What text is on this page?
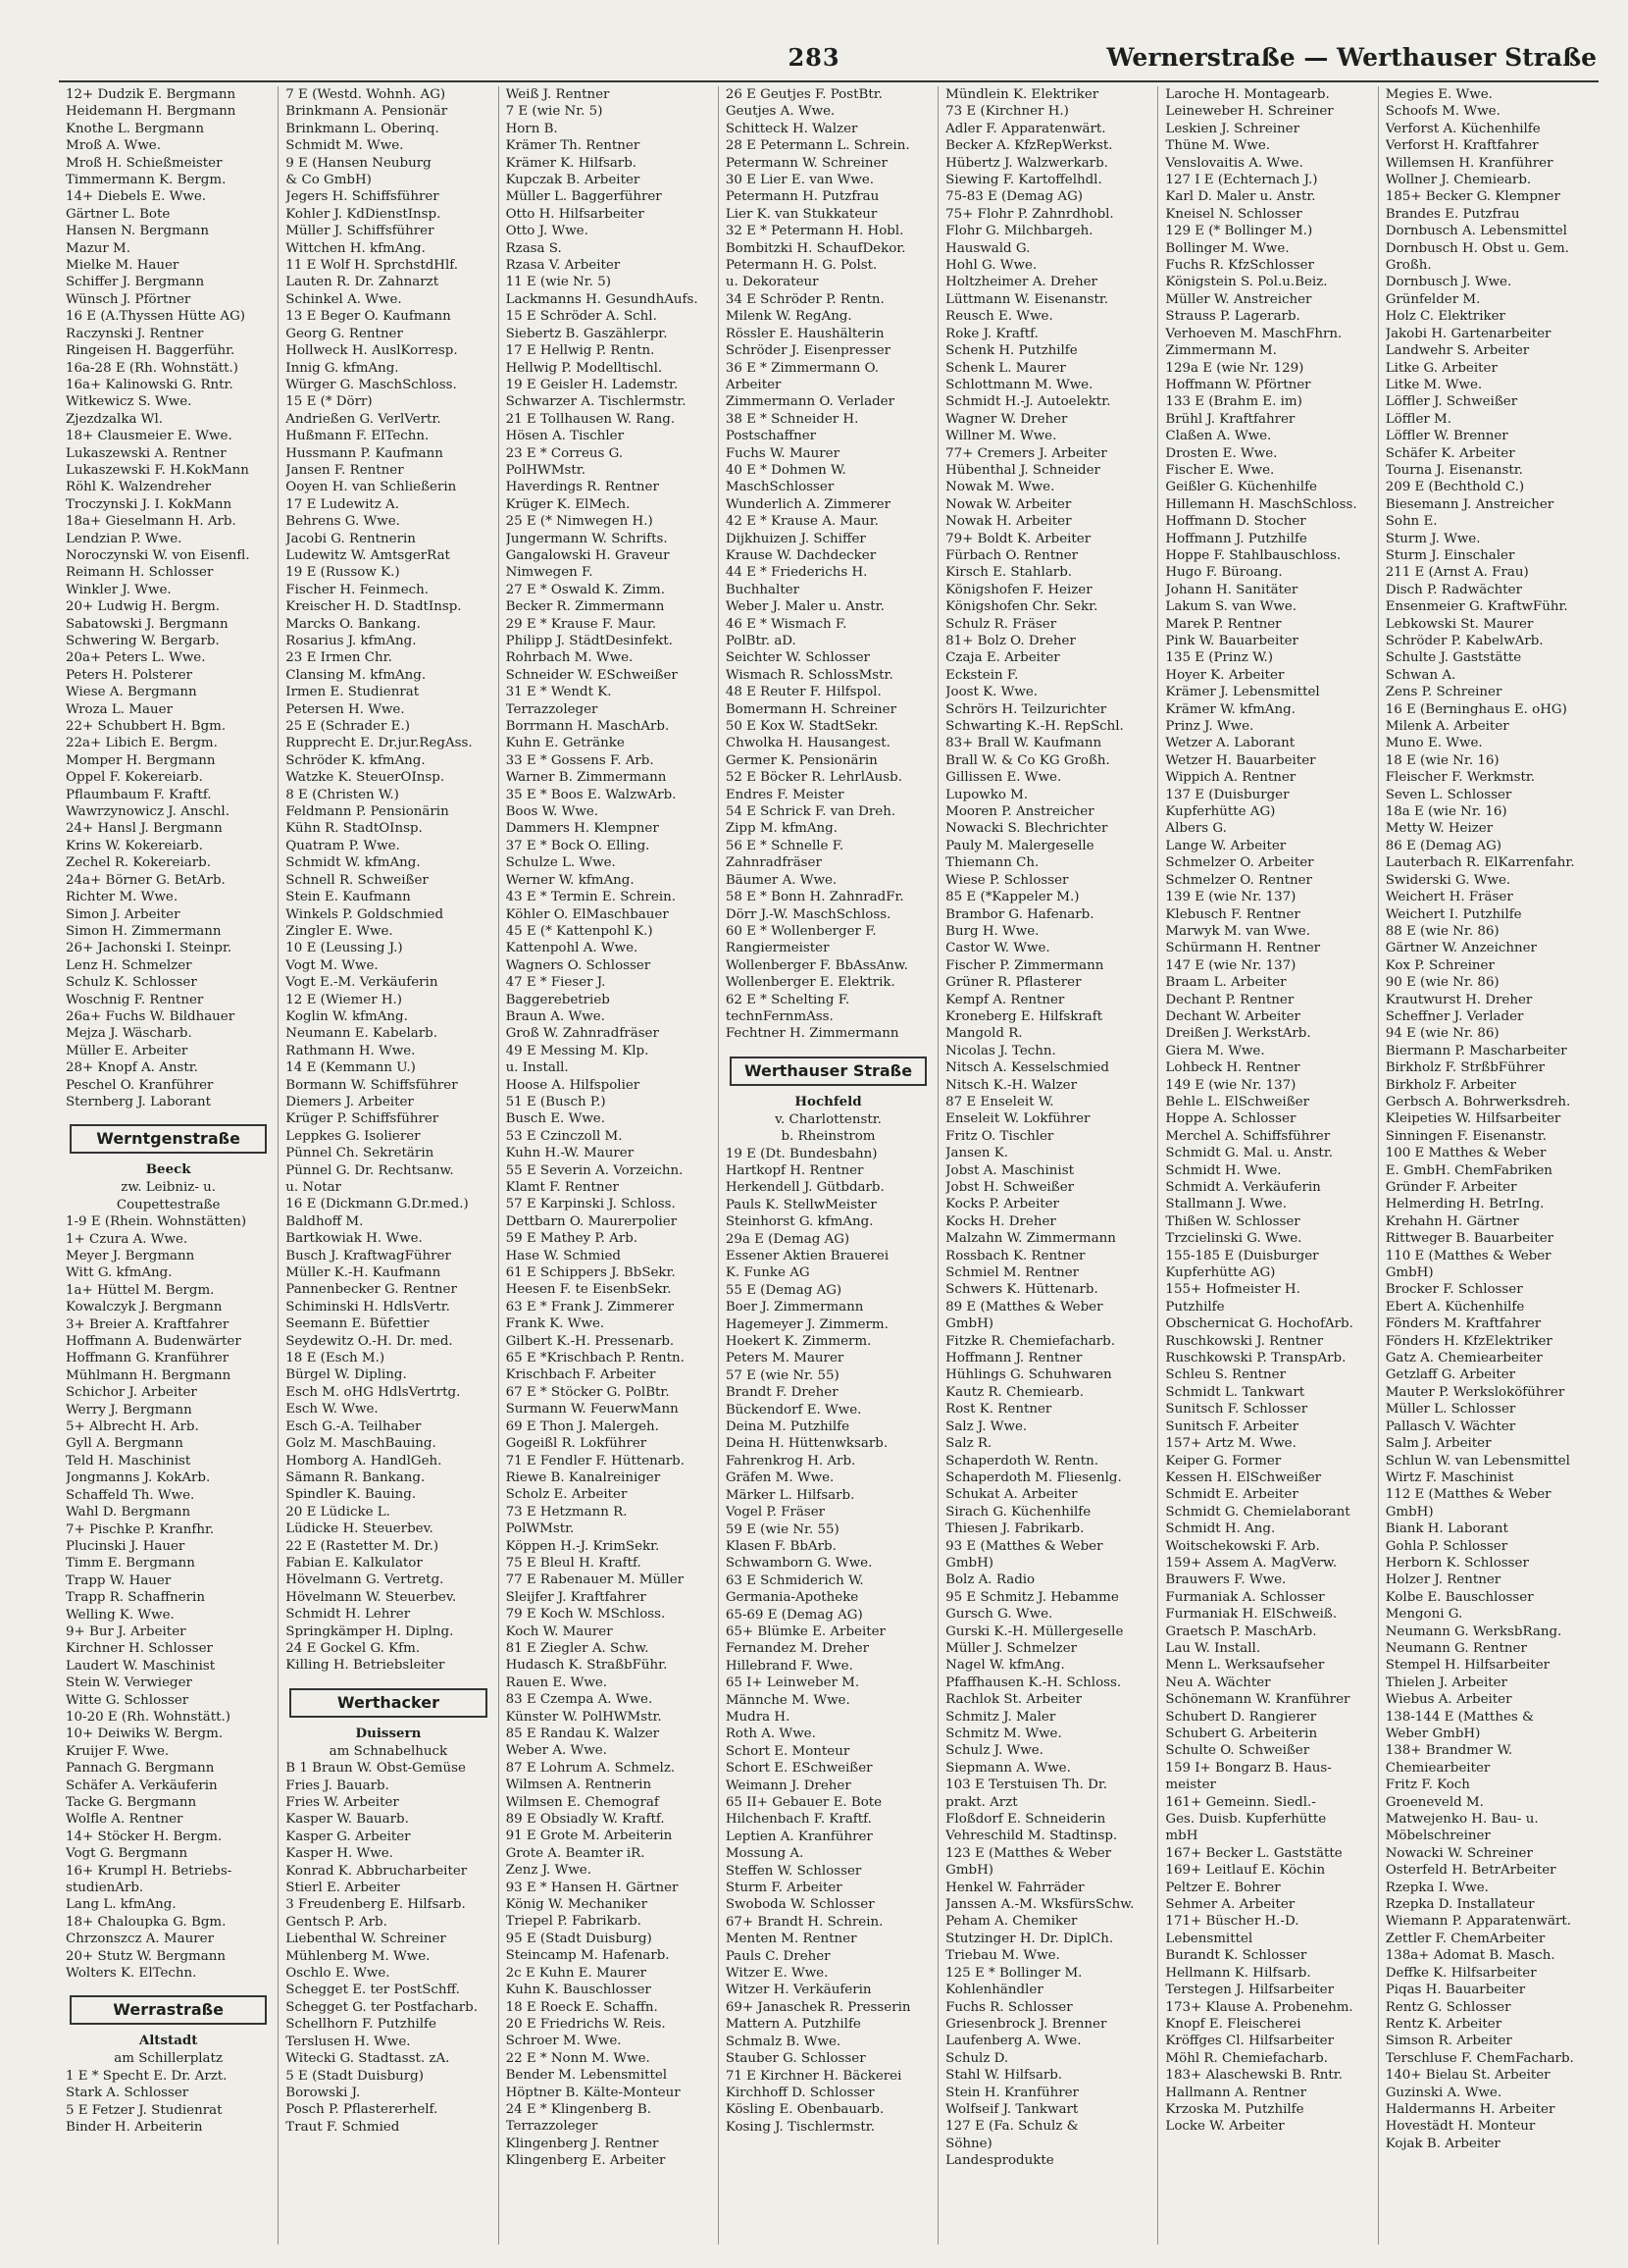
283	Wernerstraße — Werthauser Straße
12+ Dudzik E. Bergmann
Heidemann H. Bergmann
Knothe L. Bergmann
Mroß A. Wwe.
Mroß H. Schießmeister
Timmermann K. Bergm.
14+ Diebels E. Wwe.
Gärtner L. Bote
Hansen N. Bergmann
Mazur M.
Mielke M. Hauer
Schiffer J. Bergmann
Wünsch J. Pförtner
16 E (A.Thyssen Hütte AG)
Raczynski J. Rentner
Ringeisen H. Baggerführ.
16a-28 E (Rh. Wohnstätt.)
16a+ Kalinowski G. Rntr.
Witkewicz S. Wwe.
Zjezdzalka Wl.
18+ Clausmeier E. Wwe.
Lukaszewski A. Rentner
Lukaszewski F. H.KokMann
Röhl K. Walzendreher
Troczynski J. I. KokMann
18a+ Gieselmann H. Arb.
Lendzian P. Wwe.
Noroczynski W. von Eisenfl.
Reimann H. Schlosser
Winkler J. Wwe.
20+ Ludwig H. Bergm.
Sabatowski J. Bergmann
Schwering W. Bergarb.
20a+ Peters L. Wwe.
Peters H. Polsterer
Wiese A. Bergmann
Wroza L. Mauer
22+ Schubbert H. Bgm.
22a+ Libich E. Bergm.
Momper H. Bergmann
Oppel F. Kokereiarb.
Pflaumbaum F. Kraftf.
Wawrzynowicz J. Anschl.
24+ Hansl J. Bergmann
Krins W. Kokereiarb.
Zechel R. Kokereiarb.
24a+ Börner G. BetArb.
Richter M. Wwe.
Simon J. Arbeiter
Simon H. Zimmermann
26+ Jachonski I. Steinpr.
Lenz H. Schmelzer
Schulz K. Schlosser
Woschnig F. Rentner
26a+ Fuchs W. Bildhauer
Mejza J. Wäscharb.
Müller E. Arbeiter
28+ Knopf A. Anstr.
Peschel O. Kranführer
Sternberg J. Laborant
Werntgenstraße
Beeck
zw. Leibniz- u.
Coupettestraße
1-9 E (Rhein. Wohnstätten)
1+ Czura A. Wwe.
Meyer J. Bergmann
Witt G. kfmAng.
1a+ Hüttel M. Bergm.
Kowalczyk J. Bergmann
3+ Breier A. Kraftfahrer
Hoffmann A. Budenwärter
Hoffmann G. Kranführer
Mühlmann H. Bergmann
Schichor J. Arbeiter
Werry J. Bergmann
5+ Albrecht H. Arb.
Gyll A. Bergmann
Teld H. Maschinist
Jongmanns J. KokArb.
Schaffeld Th. Wwe.
Wahl D. Bergmann
7+ Pischke P. Kranfhr.
Plucinski J. Hauer
Timm E. Bergmann
Trapp W. Hauer
Trapp R. Schaffnerin
Welling K. Wwe.
9+ Bur J. Arbeiter
Kirchner H. Schlosser
Laudert W. Maschinist
Stein W. Verwieger
Witte G. Schlosser
10-20 E (Rh. Wohnstätt.)
10+ Deiwiks W. Bergm.
Kruijer F. Wwe.
Pannach G. Bergmann
Schäfer A. Verkäuferin
Tacke G. Bergmann
Wolfle A. Rentner
14+ Stöcker H. Bergm.
Vogt G. Bergmann
16+ Krumpl H. Betriebs-
studienArb.
Lang L. kfmAng.
18+ Chaloupka G. Bgm.
Chrzonszcz A. Maurer
20+ Stutz W. Bergmann
Wolters K. ElTechn.
Werrastraße
Altstadt
am Schillerplatz
1 E * Specht E. Dr. Arzt.
Stark A. Schlosser
5 E Fetzer J. Studienrat
Binder H. Arbeiterin
7 E (Westd. Wohnh. AG)
Brinkmann A. Pensionär
Brinkmann L. Oberinq.
Schmidt M. Wwe.
9 E (Hansen Neuburg
& Co GmbH)
Jegers H. Schiffsführer
Kohler J. KdDienstInsp.
Müller J. Schiffsführer
Wittchen H. kfmAng.
11 E Wolf H. SprchstdHlf.
Lauten R. Dr. Zahnarzt
Schinkel A. Wwe.
13 E Beger O. Kaufmann
Georg G. Rentner
Hollweck H. AuslKorresp.
Innig G. kfmAng.
Würger G. MaschSchloss.
15 E (* Dörr)
Andrießen G. VerlVertr.
Hußmann F. ElTechn.
Hussmann P. Kaufmann
Jansen F. Rentner
Ooyen H. van Schließerin
17 E Ludewitz A.
Behrens G. Wwe.
Jacobi G. Rentnerin
Ludewitz W. AmtsgerRat
19 E (Russow K.)
Fischer H. Feinmech.
Kreischer H. D. StadtInsp.
Marcks O. Bankang.
Rosarius J. kfmAng.
23 E Irmen Chr.
Clansing M. kfmAng.
Irmen E. Studienrat
Petersen H. Wwe.
25 E (Schrader E.)
Rupprecht E. Dr.jur.RegAss.
Schröder K. kfmAng.
Watzke K. SteuerOInsp.
8 E (Christen W.)
Feldmann P. Pensionärin
Kühn R. StadtOInsp.
Quatram P. Wwe.
Schmidt W. kfmAng.
Schnell R. Schweißer
Stein E. Kaufmann
Winkels P. Goldschmied
Zingler E. Wwe.
10 E (Leussing J.)
Vogt M. Wwe.
Vogt E.-M. Verkäuferin
12 E (Wiemer H.)
Koglin W. kfmAng.
Neumann E. Kabelarb.
Rathmann H. Wwe.
14 E (Kemmann U.)
Bormann W. Schiffsführer
Diemers J. Arbeiter
Krüger P. Schiffsführer
Leppkes G. Isolierer
Pünnel Ch. Sekretärin
Pünnel G. Dr. Rechtsanw.
u. Notar
16 E (Dickmann G.Dr.med.)
Baldhoff M.
Bartkowiak H. Wwe.
Busch J. KraftwagFührer
Müller K.-H. Kaufmann
Pannenbecker G. Rentner
Schiminski H. HdlsVertr.
Seemann E. Büfettier
Seydewitz O.-H. Dr. med.
18 E (Esch M.)
Bürgel W. Dipling.
Esch M. oHG HdlsVertrtg.
Esch W. Wwe.
Esch G.-A. Teilhaber
Golz M. MaschBauing.
Homborg A. HandlGeh.
Sämann R. Bankang.
Spindler K. Bauing.
20 E Lüdicke L.
Lüdicke H. Steuerbev.
22 E (Rastetter M. Dr.)
Fabian E. Kalkulator
Hövelmann G. Vertretg.
Hövelmann W. Steuerbev.
Schmidt H. Lehrer
Springkämper H. Diplng.
24 E Gockel G. Kfm.
Killing H. Betriebsleiter
Werthacker
Duissern
am Schnabelhuck
B 1 Braun W. Obst-Gemüse
Fries J. Bauarb.
Fries W. Arbeiter
Kasper W. Bauarb.
Kasper G. Arbeiter
Kasper H. Wwe.
Konrad K. Abbrucharbeiter
Stierl E. Arbeiter
3 Freudenberg E. Hilfsarb.
Gentsch P. Arb.
Liebenthal W. Schreiner
Mühlenberg M. Wwe.
Oschlo E. Wwe.
Schegget E. ter PostSchff.
Schegget G. ter Postfacharb.
Schellhorn F. Putzhilfe
Terslusen H. Wwe.
Witecki G. Stadtasst. zA.
5 E (Stadt Duisburg)
Borowski J.
Posch P. Pflastererhelf.
Traut F. Schmied
Weiß J. Rentner
7 E (wie Nr. 5)
Horn B.
Krämer Th. Rentner
Krämer K. Hilfsarb.
Kupczak B. Arbeiter
Müller L. Baggerführer
Otto H. Hilfsarbeiter
Otto J. Wwe.
Rzasa S.
Rzasa V. Arbeiter
11 E (wie Nr. 5)
Lackmanns H. GesundhAufs.
15 E Schröder A. Schl.
Siebertz B. Gaszählerpr.
17 E Hellwig P. Rentn.
Hellwig P. Modelltischl.
19 E Geisler H. Lademstr.
Schwarzer A. Tischlermstr.
21 E Tollhausen W. Rang.
Hösen A. Tischler
23 E * Correus G.
PolHWMstr.
Haverdings R. Rentner
Krüger K. ElMech.
25 E (* Nimwegen H.)
Jungermann W. Schrifts.
Gangalowski H. Graveur
Nimwegen F.
27 E * Oswald K. Zimm.
Becker R. Zimmermann
29 E * Krause F. Maur.
Philipp J. StädtDesinfekt.
Rohrbach M. Wwe.
Schneider W. ESchweißer
31 E * Wendt K.
Terrazzoleger
Borrmann H. MaschArb.
Kuhn E. Getränke
33 E * Gossens F. Arb.
Warner B. Zimmermann
35 E * Boos E. WalzwArb.
Boos W. Wwe.
Dammers H. Klempner
37 E * Bock O. Elling.
Schulze L. Wwe.
Werner W. kfmAng.
43 E * Termin E. Schrein.
Köhler O. ElMaschbauer
45 E (* Kattenpohl K.)
Kattenpohl A. Wwe.
Wagners O. Schlosser
47 E * Fieser J.
Baggerebetrieb
Braun A. Wwe.
Groß W. Zahnradfräser
49 E Messing M. Klp.
u. Install.
Hoose A. Hilfspolier
51 E (Busch P.)
Busch E. Wwe.
53 E Czinczoll M.
Kuhn H.-W. Maurer
55 E Severin A. Vorzeichn.
Klamt F. Rentner
57 E Karpinski J. Schloss.
Dettbarn O. Maurerpolier
59 E Mathey P. Arb.
Hase W. Schmied
61 E Schippers J. BbSekr.
Heesen F. te EisenbSekr.
63 E * Frank J. Zimmerer
Frank K. Wwe.
Gilbert K.-H. Pressenarb.
65 E *Krischbach P. Rentn.
Krischbach F. Arbeiter
67 E * Stöcker G. PolBtr.
Surmann W. FeuerwMann
69 E Thon J. Malergeh.
Gogeißl R. Lokführer
71 E Fendler F. Hüttenarb.
Riewe B. Kanalreiniger
Scholz E. Arbeiter
73 E Hetzmann R.
PolWMstr.
Köppen H.-J. KrimSekr.
75 E Bleul H. Kraftf.
77 E Rabenauer M. Müller
Sleijfer J. Kraftfahrer
79 E Koch W. MSchloss.
Koch W. Maurer
81 E Ziegler A. Schw.
Hudasch K. StraßbFühr.
Rauen E. Wwe.
83 E Czempa A. Wwe.
Künster W. PolHWMstr.
85 E Randau K. Walzer
Weber A. Wwe.
87 E Lohrum A. Schmelz.
Wilmsen A. Rentnerin
Wilmsen E. Chemograf
89 E Obsiadly W. Kraftf.
91 E Grote M. Arbeiterin
Grote A. Beamter iR.
Zenz J. Wwe.
93 E * Hansen H. Gärtner
König W. Mechaniker
Triepel P. Fabrikarb.
95 E (Stadt Duisburg)
Steincamp M. Hafenarb.
2c E Kuhn E. Maurer
Kuhn K. Bauschlosser
18 E Roeck E. Schaffn.
20 E Friedrichs W. Reis.
Schroer M. Wwe.
22 E * Nonn M. Wwe.
Bender M. Lebensmittel
Höptner B. Kälte-Monteur
24 E * Klingenberg B.
Terrazzoleger
Klingenberg J. Rentner
Klingenberg E. Arbeiter
26 E Geutjes F. PostBtr.
Geutjes A. Wwe.
Schitteck H. Walzer
28 E Petermann L. Schrein.
Petermann W. Schreiner
30 E Lier E. van Wwe.
Petermann H. Putzfrau
Lier K. van Stukkateur
32 E * Petermann H. Hobl.
Bombitzki H. SchaufDekor.
Petermann H. G. Polst.
u. Dekorateur
34 E Schröder P. Rentn.
Milenk W. RegAng.
Rössler E. Haushälterin
Schröder J. Eisenpresser
36 E * Zimmermann O.
Arbeiter
Zimmermann O. Verlader
38 E * Schneider H.
Postschaffner
Fuchs W. Maurer
40 E * Dohmen W.
MaschSchlosser
Wunderlich A. Zimmerer
42 E * Krause A. Maur.
Dijkhuizen J. Schiffer
Krause W. Dachdecker
44 E * Friederichs H.
Buchhalter
Weber J. Maler u. Anstr.
46 E * Wismach F.
PolBtr. aD.
Seichter W. Schlosser
Wismach R. SchlossMstr.
48 E Reuter F. Hilfspol.
Bomermann H. Schreiner
50 E Kox W. StadtSekr.
Chwolka H. Hausangest.
Germer K. Pensionärin
52 E Böcker R. LehrlAusb.
Endres F. Meister
54 E Schrick F. van Dreh.
Zipp M. kfmAng.
56 E * Schnelle F.
Zahnradfräser
Bäumer A. Wwe.
58 E * Bonn H. ZahnradFr.
Dörr J.-W. MaschSchloss.
60 E * Wollenberger F.
Rangiermeister
Wollenberger F. BbAssAnw.
Wollenberger E. Elektrik.
62 E * Schelting F.
technFernmAss.
Fechtner H. Zimmermann
Werthauser Straße
Hochfeld
v. Charlottenstr.
b. Rheinstrom
19 E (Dt. Bundesbahn)
Hartkopf H. Rentner
Herkendell J. Gütbdarb.
Pauls K. StellwMeister
Steinhorst G. kfmAng.
29a E (Demag AG)
Essener Aktien Brauerei
K. Funke AG
55 E (Demag AG)
Boer J. Zimmermann
Hagemeyer J. Zimmerm.
Hoekert K. Zimmerm.
Peters M. Maurer
57 E (wie Nr. 55)
Brandt F. Dreher
Bückendorf E. Wwe.
Deina M. Putzhilfe
Deina H. Hüttenwksarb.
Fahrenkrog H. Arb.
Gräfen M. Wwe.
Märker L. Hilfsarb.
Vogel P. Fräser
59 E (wie Nr. 55)
Klasen F. BbArb.
Schwamborn G. Wwe.
63 E Schmiderich W.
Germania-Apotheke
65-69 E (Demag AG)
65+ Blümke E. Arbeiter
Fernandez M. Dreher
Hillebrand F. Wwe.
65 I+ Leinweber M.
Männche M. Wwe.
Mudra H.
Roth A. Wwe.
Schort E. Monteur
Schort E. ESchweißer
Weimann J. Dreher
65 II+ Gebauer E. Bote
Hilchenbach F. Kraftf.
Leptien A. Kranführer
Mossung A.
Steffen W. Schlosser
Sturm F. Arbeiter
Swoboda W. Schlosser
67+ Brandt H. Schrein.
Menten M. Rentner
Pauls C. Dreher
Witzer E. Wwe.
Witzer H. Verkäuferin
69+ Janaschek R. Presserin
Mattern A. Putzhilfe
Schmalz B. Wwe.
Stauber G. Schlosser
71 E Kirchner H. Bäckerei
Kirchhoff D. Schlosser
Kösling E. Obenbauarb.
Kosing J. Tischlermstr.
Mündlein K. Elektriker
73 E (Kirchner H.)
Adler F. Apparatenwärt.
Becker A. KfzRepWerkst.
Hübertz J. Walzwerkarb.
Siewing F. Kartoffelhdl.
75-83 E (Demag AG)
75+ Flohr P. Zahnrdhobl.
Flohr G. Milchbargeh.
Hauswald G.
Hohl G. Wwe.
Holtzheimer A. Dreher
Lüttmann W. Eisenanstr.
Reusch E. Wwe.
Roke J. Kraftf.
Schenk H. Putzhilfe
Schenk L. Maurer
Schlottmann M. Wwe.
Schmidt H.-J. Autoelektr.
Wagner W. Dreher
Willner M. Wwe.
77+ Cremers J. Arbeiter
Hübenthal J. Schneider
Nowak M. Wwe.
Nowak W. Arbeiter
Nowak H. Arbeiter
79+ Boldt K. Arbeiter
Fürbach O. Rentner
Kirsch E. Stahlarb.
Königshofen F. Heizer
Königshofen Chr. Sekr.
Schulz R. Fräser
81+ Bolz O. Dreher
Czaja E. Arbeiter
Eckstein F.
Joost K. Wwe.
Schrörs H. Teilzurichter
Schwarting K.-H. RepSchl.
83+ Brall W. Kaufmann
Brall W. & Co KG Großh.
Gillissen E. Wwe.
Lupowko M.
Mooren P. Anstreicher
Nowacki S. Blechrichter
Pauly M. Malergeselle
Thiemann Ch.
Wiese P. Schlosser
85 E (*Kappeler M.)
Brambor G. Hafenarb.
Burg H. Wwe.
Castor W. Wwe.
Fischer P. Zimmermann
Grüner R. Pflasterer
Kempf A. Rentner
Kroneberg E. Hilfskraft
Mangold R.
Nicolas J. Techn.
Nitsch A. Kesselschmied
Nitsch K.-H. Walzer
87 E Enseleit W.
Enseleit W. Lokführer
Fritz O. Tischler
Jansen K.
Jobst A. Maschinist
Jobst H. Schweißer
Kocks P. Arbeiter
Kocks H. Dreher
Malzahn W. Zimmermann
Rossbach K. Rentner
Schmiel M. Rentner
Schwers K. Hüttenarb.
89 E (Matthes & Weber
GmbH)
Fitzke R. Chemiefacharb.
Hoffmann J. Rentner
Hühlings G. Schuhwaren
Kautz R. Chemiearb.
Rost K. Rentner
Salz J. Wwe.
Salz R.
Schaperdoth W. Rentn.
Schaperdoth M. Fliesenlg.
Schukat A. Arbeiter
Sirach G. Küchenhilfe
Thiesen J. Fabrikarb.
93 E (Matthes & Weber
GmbH)
Bolz A. Radio
95 E Schmitz J. Hebamme
Gursch G. Wwe.
Gurski K.-H. Müllergeselle
Müller J. Schmelzer
Nagel W. kfmAng.
Pfaffhausen K.-H. Schloss.
Rachlok St. Arbeiter
Schmitz J. Maler
Schmitz M. Wwe.
Schulz J. Wwe.
Siepmann A. Wwe.
103 E Terstuisen Th. Dr.
prakt. Arzt
Floßdorf E. Schneiderin
Vehreschild M. Stadtinsp.
123 E (Matthes & Weber
GmbH)
Henkel W. Fahrräder
Janssen A.-M. WksfürsSchw.
Peham A. Chemiker
Stutzinger H. Dr. DiplCh.
Triebau M. Wwe.
125 E * Bollinger M.
Kohlenhändler
Fuchs R. Schlosser
Griesenbrock J. Brenner
Laufenberg A. Wwe.
Schulz D.
Stahl W. Hilfsarb.
Stein H. Kranführer
Wolfseif J. Tankwart
127 E (Fa. Schulz &
Söhne)
Landesprodukte
Laroche H. Montagearb.
Leineweber H. Schreiner
Leskien J. Schreiner
Thüne M. Wwe.
Venslovaitis A. Wwe.
127 I E (Echternach J.)
Karl D. Maler u. Anstr.
Kneisel N. Schlosser
129 E (* Bollinger M.)
Bollinger M. Wwe.
Fuchs R. KfzSchlosser
Königstein S. Pol.u.Beiz.
Müller W. Anstreicher
Strauss P. Lagerarb.
Verhoeven M. MaschFhrn.
Zimmermann M.
129a E (wie Nr. 129)
Hoffmann W. Pförtner
133 E (Brahm E. im)
Brühl J. Kraftfahrer
Claßen A. Wwe.
Drosten E. Wwe.
Fischer E. Wwe.
Geißler G. Küchenhilfe
Hillemann H. MaschSchloss.
Hoffmann D. Stocher
Hoffmann J. Putzhilfe
Hoppe F. Stahlbauschloss.
Hugo F. Büroang.
Johann H. Sanitäter
Lakum S. van Wwe.
Marek P. Rentner
Pink W. Bauarbeiter
135 E (Prinz W.)
Hoyer K. Arbeiter
Krämer J. Lebensmittel
Krämer W. kfmAng.
Prinz J. Wwe.
Wetzer A. Laborant
Wetzer H. Bauarbeiter
Wippich A. Rentner
137 E (Duisburger
Kupferhütte AG)
Albers G.
Lange W. Arbeiter
Schmelzer O. Arbeiter
Schmelzer O. Rentner
139 E (wie Nr. 137)
Klebusch F. Rentner
Marwyk M. van Wwe.
Schürmann H. Rentner
147 E (wie Nr. 137)
Braam L. Arbeiter
Dechant P. Rentner
Dechant W. Arbeiter
Dreißen J. WerkstArb.
Giera M. Wwe.
Lohbeck H. Rentner
149 E (wie Nr. 137)
Behle L. ElSchweißer
Hoppe A. Schlosser
Merchel A. Schiffsführer
Schmidt G. Mal. u. Anstr.
Schmidt H. Wwe.
Schmidt A. Verkäuferin
Stallmann J. Wwe.
Thißen W. Schlosser
Trzcielinski G. Wwe.
155-185 E (Duisburger
Kupferhütte AG)
155+ Hofmeister H.
Putzhilfe
Obschernicat G. HochofArb.
Ruschkowski J. Rentner
Ruschkowski P. TranspArb.
Schleu S. Rentner
Schmidt L. Tankwart
Sunitsch F. Schlosser
Sunitsch F. Arbeiter
157+ Artz M. Wwe.
Keiper G. Former
Kessen H. ElSchweißer
Schmidt E. Arbeiter
Schmidt G. Chemielaborant
Schmidt H. Ang.
Woitschekowski F. Arb.
159+ Assem A. MagVerw.
Brauwers F. Wwe.
Furmaniak A. Schlosser
Furmaniak H. ElSchweiß.
Graetsch P. MaschArb.
Lau W. Install.
Menn L. Werksaufseher
Neu A. Wächter
Schönemann W. Kranführer
Schubert D. Rangierer
Schubert G. Arbeiterin
Schulte O. Schweißer
159 I+ Bongarz B. Haus-
meister
161+ Gemeinn. Siedl.-
Ges. Duisb. Kupferhütte
mbH
167+ Becker L. Gaststätte
169+ Leitlauf E. Köchin
Peltzer E. Bohrer
Sehmer A. Arbeiter
171+ Büscher H.-D.
Lebensmittel
Burandt K. Schlosser
Hellmann K. Hilfsarb.
Terstegen J. Hilfsarbeiter
173+ Klause A. Probenehm.
Knopf E. Fleischerei
Kröffges Cl. Hilfsarbeiter
Möhl R. Chemiefacharb.
183+ Alaschewski B. Rntr.
Hallmann A. Rentner
Krzoska M. Putzhilfe
Locke W. Arbeiter
Megies E. Wwe.
Schoofs M. Wwe.
Verforst A. Küchenhilfe
Verforst H. Kraftfahrer
Willemsen H. Kranführer
Wollner J. Chemiearb.
185+ Becker G. Klempner
Brandes E. Putzfrau
Dornbusch A. Lebensmittel
Dornbusch H. Obst u. Gem.
Großh.
Dornbusch J. Wwe.
Grünfelder M.
Holz C. Elektriker
Jakobi H. Gartenarbeiter
Landwehr S. Arbeiter
Litke G. Arbeiter
Litke M. Wwe.
Löffler J. Schweißer
Löffler M.
Löffler W. Brenner
Schäfer K. Arbeiter
Tourna J. Eisenanstr.
209 E (Bechthold C.)
Biesemann J. Anstreicher
Sohn E.
Sturm J. Wwe.
Sturm J. Einschaler
211 E (Arnst A. Frau)
Disch P. Radwächter
Ensenmeier G. KraftwFühr.
Lebkowski St. Maurer
Schröder P. KabelwArb.
Schulte J. Gaststätte
Schwan A.
Zens P. Schreiner
16 E (Berninghaus E. oHG)
Milenk A. Arbeiter
Muno E. Wwe.
18 E (wie Nr. 16)
Fleischer F. Werkmstr.
Seven L. Schlosser
18a E (wie Nr. 16)
Metty W. Heizer
86 E (Demag AG)
Lauterbach R. ElKarrenfahr.
Swiderski G. Wwe.
Weichert H. Fräser
Weichert I. Putzhilfe
88 E (wie Nr. 86)
Gärtner W. Anzeichner
Kox P. Schreiner
90 E (wie Nr. 86)
Krautwurst H. Dreher
Scheffner J. Verlader
94 E (wie Nr. 86)
Biermann P. Mascharbeiter
Birkholz F. StrßbFührer
Birkholz F. Arbeiter
Gerbsch A. Bohrwerksdreh.
Kleipeties W. Hilfsarbeiter
Sinningen F. Eisenanstr.
100 E Matthes & Weber
E. GmbH. ChemFabriken
Gründer F. Arbeiter
Helmerding H. BetrIng.
Krehahn H. Gärtner
Rittweger B. Bauarbeiter
110 E (Matthes & Weber
GmbH)
Brocker F. Schlosser
Ebert A. Küchenhilfe
Fönders M. Kraftfahrer
Fönders H. KfzElektriker
Gatz A. Chemiearbeiter
Getzlaff G. Arbeiter
Mauter P. Werksloköführer
Müller L. Schlosser
Pallasch V. Wächter
Salm J. Arbeiter
Schlun W. van Lebensmittel
Wirtz F. Maschinist
112 E (Matthes & Weber
GmbH)
Biank H. Laborant
Gohla P. Schlosser
Herborn K. Schlosser
Holzer J. Rentner
Kolbe E. Bauschlosser
Mengoni G.
Neumann G. WerksbRang.
Neumann G. Rentner
Stempel H. Hilfsarbeiter
Thielen J. Arbeiter
Wiebus A. Arbeiter
138-144 E (Matthes &
Weber GmbH)
138+ Brandmer W.
Chemiearbeiter
Fritz F. Koch
Groeneveld M.
Matwejenko H. Bau- u.
Möbelschreiner
Nowacki W. Schreiner
Osterfeld H. BetrArbeiter
Rzepka I. Wwe.
Rzepka D. Installateur
Wiemann P. Apparatenwärt.
Zettler F. ChemArbeiter
138a+ Adomat B. Masch.
Deffke K. Hilfsarbeiter
Piqas H. Bauarbeiter
Rentz G. Schlosser
Rentz K. Arbeiter
Simson R. Arbeiter
Terschluse F. ChemFacharb.
140+ Bielau St. Arbeiter
Guzinski A. Wwe.
Haldermanns H. Arbeiter
Hovestädt H. Monteur
Kojak B. Arbeiter
